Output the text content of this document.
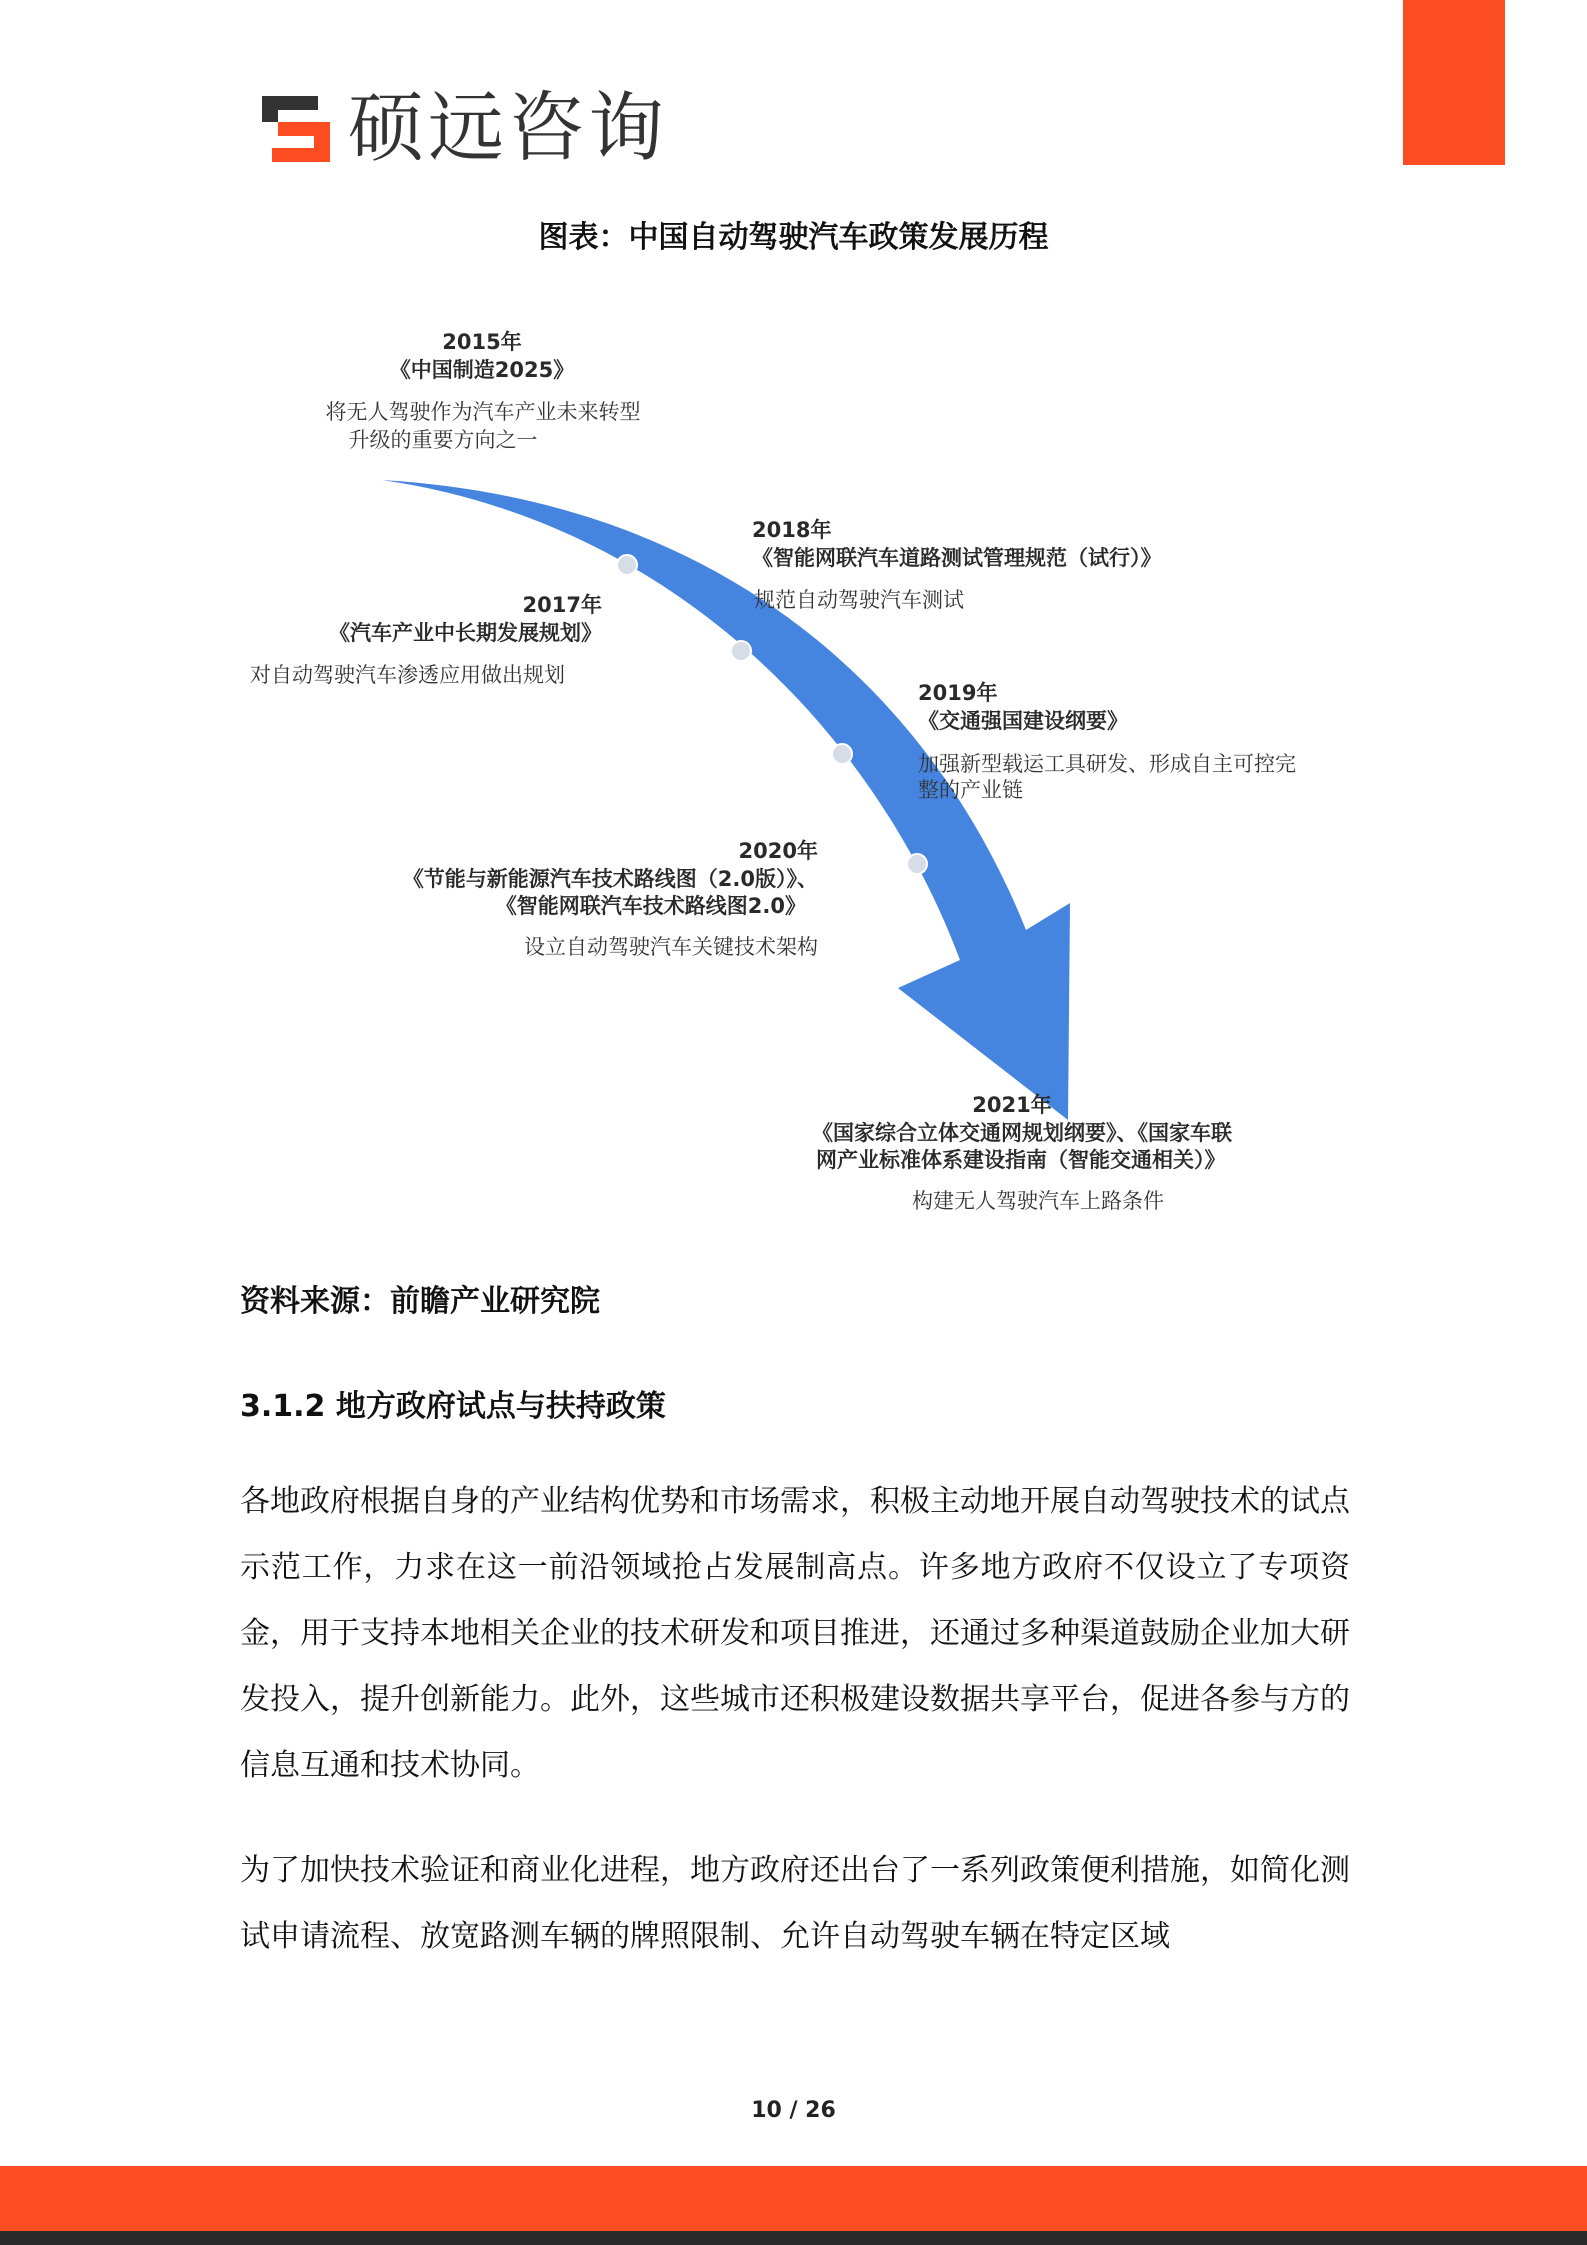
硕远咨询
图表：中国自动驾驶汽车政策发展历程
2015年
《中国制造2025》
将无人驾驶作为汽车产业未来转型
升级的重要方向之一
2018年
《智能网联汽车道路测试管理规范（试行）》
规范自动驾驶汽车测试
2017年
《汽车产业中长期发展规划》
对自动驾驶汽车渗透应用做出规划
2019年
《交通强国建设纲要》
加强新型载运工具研发、形成自主可控完
整的产业链
2020年
《节能与新能源汽车技术路线图（2.0版）》、
《智能网联汽车技术路线图2.0》
设立自动驾驶汽车关键技术架构
2021年
《国家综合立体交通网规划纲要》、《国家车联
网产业标准体系建设指南（智能交通相关）》
构建无人驾驶汽车上路条件
资料来源：前瞻产业研究院
3.1.2 地方政府试点与扶持政策
各地政府根据自身的产业结构优势和市场需求，积极主动地开展自动驾驶技术的试点示范工作，力求在这一前沿领域抢占发展制高点。许多地方政府不仅设立了专项资金，用于支持本地相关企业的技术研发和项目推进，还通过多种渠道鼓励企业加大研发投入，提升创新能力。此外，这些城市还积极建设数据共享平台，促进各参与方的信息互通和技术协同。
为了加快技术验证和商业化进程，地方政府还出台了一系列政策便利措施，如简化测试申请流程、放宽路测车辆的牌照限制、允许自动驾驶车辆在特定区域
10 / 26
